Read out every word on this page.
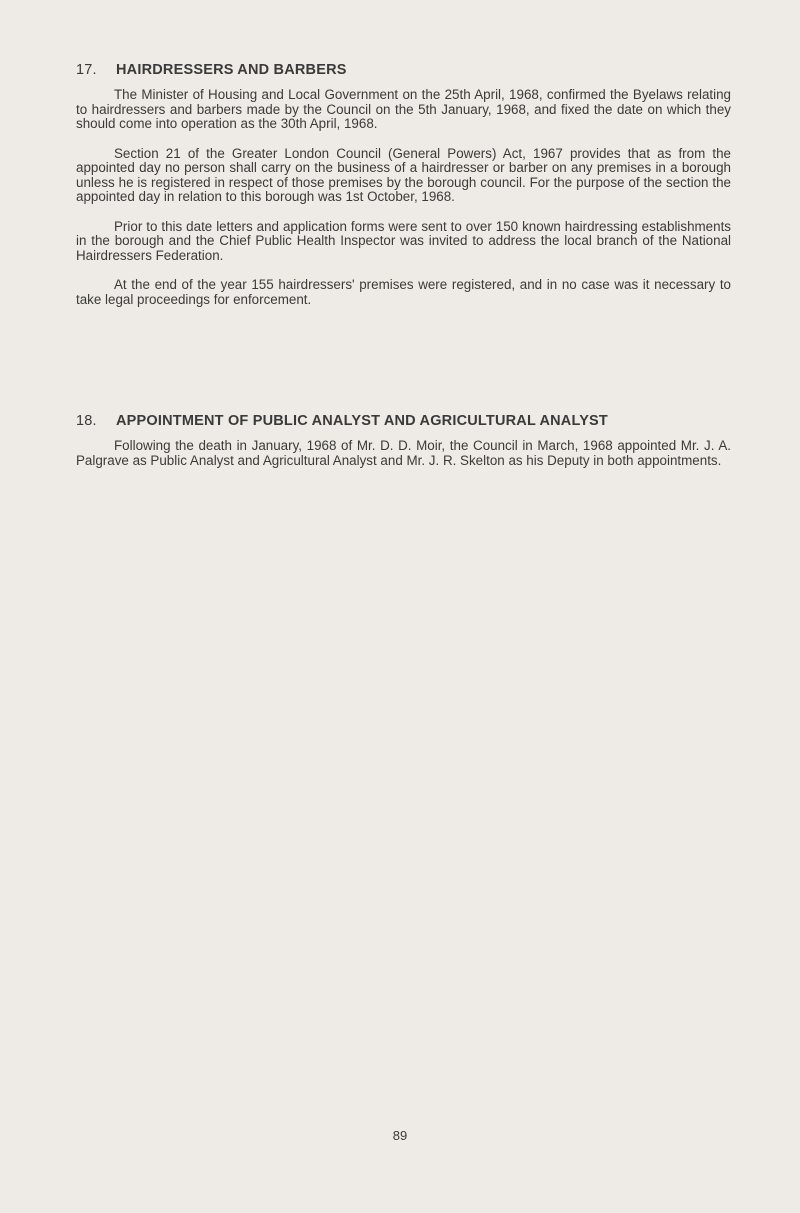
17.	HAIRDRESSERS AND BARBERS

The Minister of Housing and Local Government on the 25th April, 1968, confirmed the Byelaws relating to hairdressers and barbers made by the Council on the 5th January, 1968, and fixed the date on which they should come into operation as the 30th April, 1968.

Section 21 of the Greater London Council (General Powers) Act, 1967 provides that as from the appointed day no person shall carry on the business of a hairdresser or barber on any premises in a borough unless he is registered in respect of those premises by the borough council. For the purpose of the section the appointed day in relation to this borough was 1st October, 1968.

Prior to this date letters and application forms were sent to over 150 known hairdressing establishments in the borough and the Chief Public Health Inspector was invited to address the local branch of the National Hairdressers Federation.

At the end of the year 155 hairdressers' premises were registered, and in no case was it necessary to take legal proceedings for enforcement.

18.	APPOINTMENT OF PUBLIC ANALYST AND AGRICULTURAL ANALYST

Following the death in January, 1968 of Mr. D. D. Moir, the Council in March, 1968 appointed Mr. J. A. Palgrave as Public Analyst and Agricultural Analyst and Mr. J. R. Skelton as his Deputy in both appointments.

89
